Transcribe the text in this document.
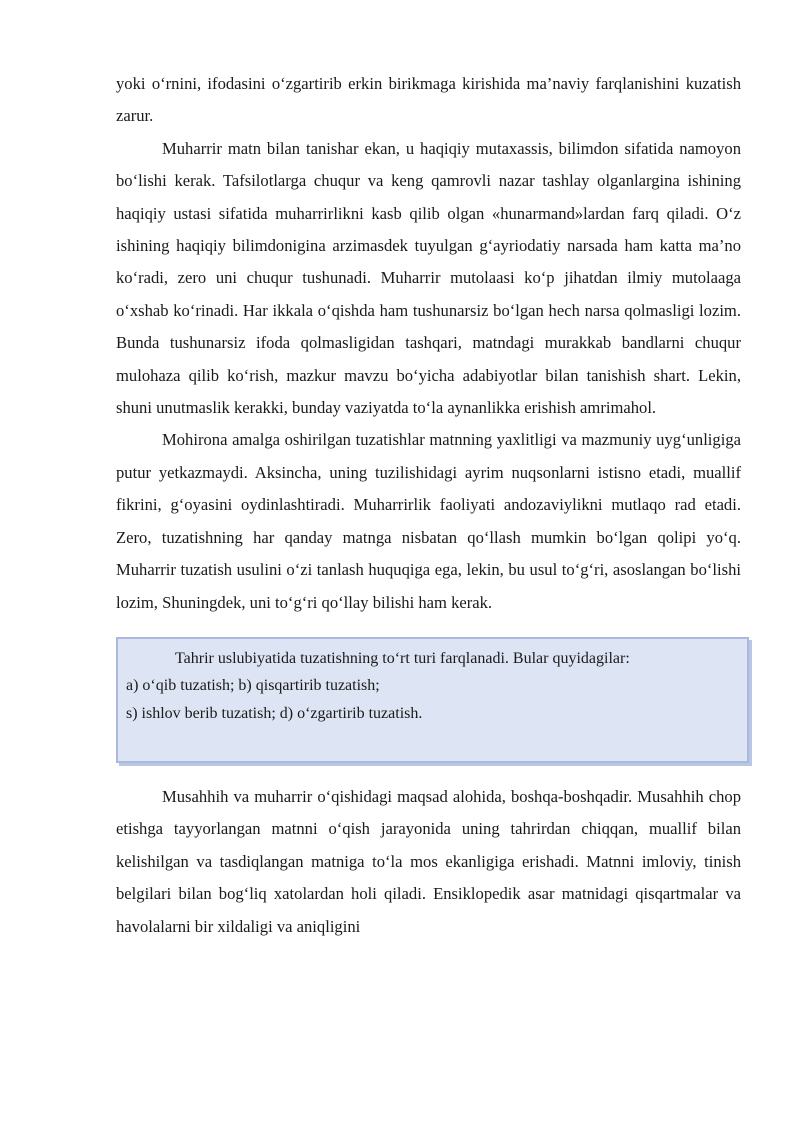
yoki o‘rnini, ifodasini o‘zgartirib erkin birikmaga kirishida ma’naviy farqlanishini kuzatish zarur.

Muharrir matn bilan tanishar ekan, u haqiqiy mutaxassis, bilimdon sifatida namoyon bo‘lishi kerak. Tafsilotlarga chuqur va keng qamrovli nazar tashlay olganlargina ishining haqiqiy ustasi sifatida muharrirlikni kasb qilib olgan «hunarmand»lardan farq qiladi. O‘z ishining haqiqiy bilimdonigina arzimasdek tuyulgan g‘ayriodatiy narsada ham katta ma’no ko‘radi, zero uni chuqur tushunadi. Muharrir mutolaasi ko‘p jihatdan ilmiy mutolaaga o‘xshab ko‘rinadi. Har ikkala o‘qishda ham tushunarsiz bo‘lgan hech narsa qolmasligi lozim. Bunda tushunarsiz ifoda qolmasligidan tashqari, matndagi murakkab bandlarni chuqur mulohaza qilib ko‘rish, mazkur mavzu bo‘yicha adabiyotlar bilan tanishish shart. Lekin, shuni unutmaslik kerakki, bunday vaziyatda to‘la aynanlikka erishish amrimahol.

Mohirona amalga oshirilgan tuzatishlar matnning yaxlitligi va mazmuniy uyg‘unligiga putur yetkazmaydi. Aksincha, uning tuzilishidagi ayrim nuqsonlarni istisno etadi, muallif fikrini, g‘oyasini oydinlashtiradi. Muharrirlik faoliyati andozaviylikni mutlaqo rad etadi. Zero, tuzatishning har qanday matnga nisbatan qo‘llash mumkin bo‘lgan qolipi yo‘q. Muharrir tuzatish usulini o‘zi tanlash huquqiga ega, lekin, bu usul to‘g‘ri, asoslangan bo‘lishi lozim, Shuningdek, uni to‘g‘ri qo‘llay bilishi ham kerak.

Tahrir uslubiyatida tuzatishning to‘rt turi farqlanadi. Bular quyidagilar:
a) o‘qib tuzatish; b) qisqartirib tuzatish;
s) ishlov berib tuzatish; d) o‘zgartirib tuzatish.

Musahhih va muharrir o‘qishidagi maqsad alohida, boshqa-boshqadir. Musahhih chop etishga tayyorlangan matnni o‘qish jarayonida uning tahrirdan chiqqan, muallif bilan kelishilgan va tasdiqlangan matniga to‘la mos ekanligiga erishadi. Matnni imloviy, tinish belgilari bilan bog‘liq xatolardan holi qiladi. Ensiklopedik asar matnidagi qisqartmalar va havolalarni bir xildaligi va aniqligini
